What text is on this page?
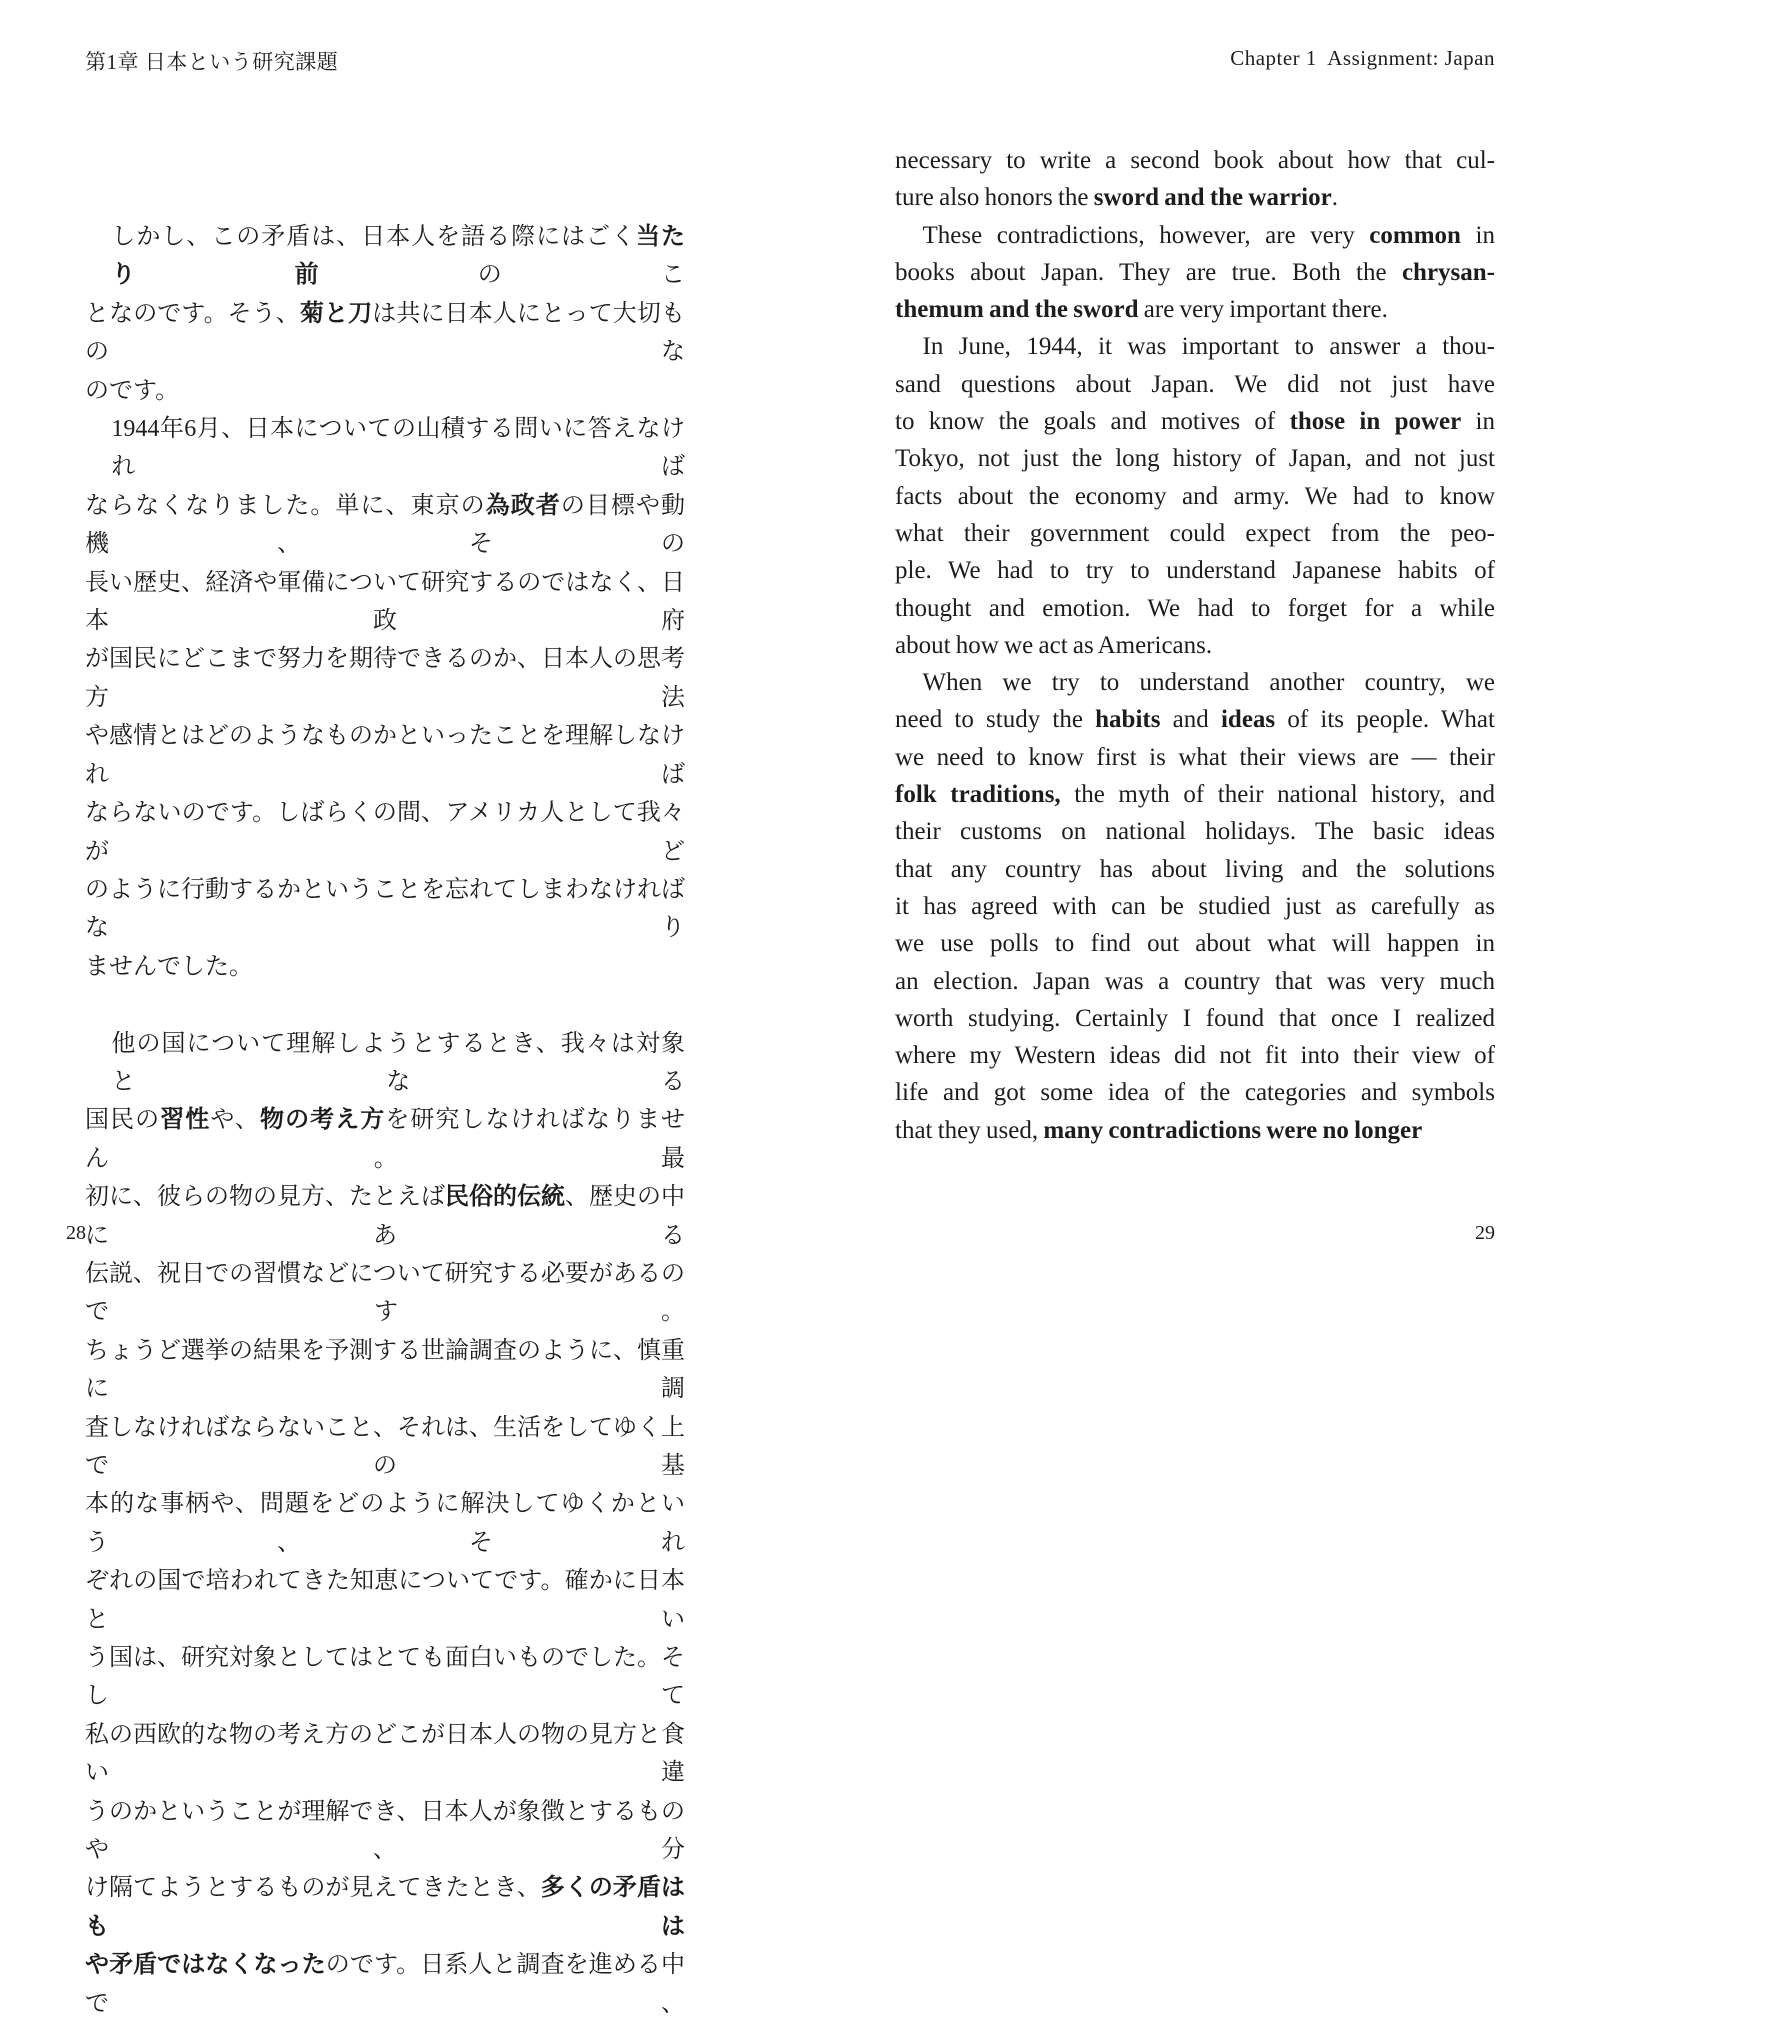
第1章 日本という研究課題	Chapter 1  Assignment: Japan
しかし、この矛盾は、日本人を語る際にはごく当たり前のこ
となのです。そう、菊と刀は共に日本人にとって大切ものな
のです。
1944年6月、日本についての山積する問いに答えなければ
ならなくなりました。単に、東京の為政者の目標や動機、その
長い歴史、経済や軍備について研究するのではなく、日本政府
が国民にどこまで努力を期待できるのか、日本人の思考方法
や感情とはどのようなものかといったことを理解しなければ
ならないのです。しばらくの間、アメリカ人として我々がど
のように行動するかということを忘れてしまわなければなり
ませんでした。
他の国について理解しようとするとき、我々は対象となる
国民の習性や、物の考え方を研究しなければなりません。最
初に、彼らの物の見方、たとえば民俗的伝統、歴史の中にある
伝説、祝日での習慣などについて研究する必要があるのです。
ちょうど選挙の結果を予測する世論調査のように、慎重に調
査しなければならないこと、それは、生活をしてゆく上での基
本的な事柄や、問題をどのように解決してゆくかという、それ
ぞれの国で培われてきた知恵についてです。確かに日本とい
う国は、研究対象としてはとても面白いものでした。そして
私の西欧的な物の考え方のどこが日本人の物の見方と食い違
うのかということが理解でき、日本人が象徴とするものや、分
け隔てようとするものが見えてきたとき、多くの矛盾はもは
や矛盾ではなくなったのです。日系人と調査を進める中で、
necessary to write a second book about how that cul-
ture also honors the sword and the warrior.
These contradictions, however, are very common in
books about Japan. They are true. Both the chrysan-
themum and the sword are very important there.
In June, 1944, it was important to answer a thou-
sand questions about Japan. We did not just have
to know the goals and motives of those in power in
Tokyo, not just the long history of Japan, and not just
facts about the economy and army. We had to know
what their government could expect from the peo-
ple. We had to try to understand Japanese habits of
thought and emotion. We had to forget for a while
about how we act as Americans.
When we try to understand another country, we
need to study the habits and ideas of its people. What
we need to know first is what their views are — their
folk traditions, the myth of their national history, and
their customs on national holidays. The basic ideas
that any country has about living and the solutions
it has agreed with can be studied just as carefully as
we use polls to find out about what will happen in
an election. Japan was a country that was very much
worth studying. Certainly I found that once I realized
where my Western ideas did not fit into their view of
life and got some idea of the categories and symbols
that they used, many contradictions were no longer
28	29
